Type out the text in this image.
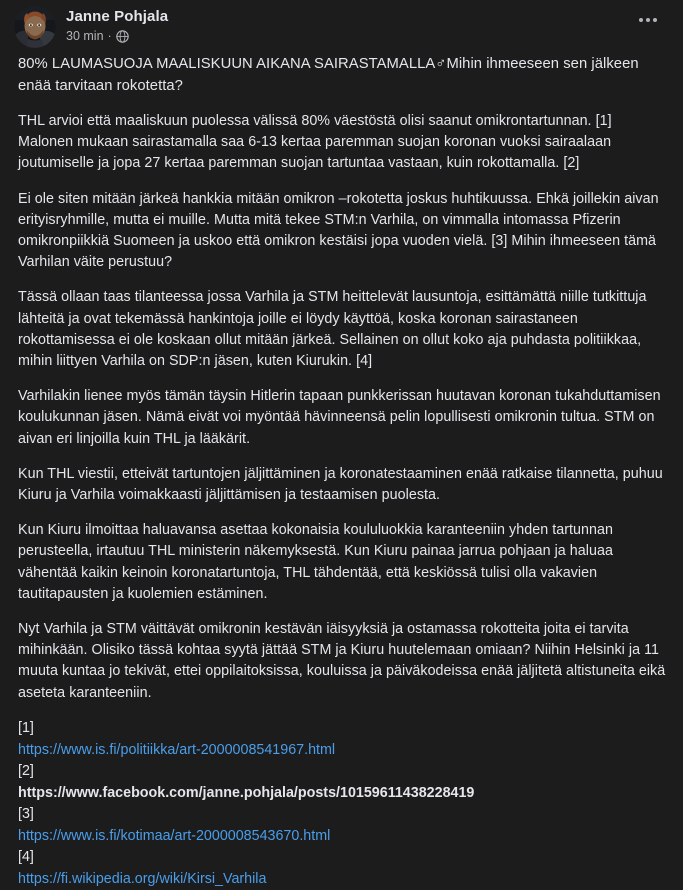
Janne Pohjala
30 min ·
80% LAUMASUOJA MAALISKUUN AIKANA SAIRASTAMALLA♂Mihin ihmeeseen sen jälkeen enää tarvitaan rokotetta?

THL arvioi että maaliskuun puolessa välissä 80% väestöstä olisi saanut omikrontartunnan. [1] Malonen mukaan sairastamalla saa 6-13 kertaa paremman suojan koronan vuoksi sairaalaan joutumiselle ja jopa 27 kertaa paremman suojan tartuntaa vastaan, kuin rokottamalla. [2]

Ei ole siten mitään järkeä hankkia mitään omikron –rokotetta joskus huhtikuussa. Ehkä joillekin aivan erityisryhmille, mutta ei muille. Mutta mitä tekee STM:n Varhila, on vimmalla intomassa Pfizerin omikronpiikkiä Suomeen ja uskoo että omikron kestäisi jopa vuoden vielä. [3] Mihin ihmeeseen tämä Varhilan väite perustuu?

Tässä ollaan taas tilanteessa jossa Varhila ja STM heittelevät lausuntoja, esittämättä niille tutkittuja lähteitä ja ovat tekemässä hankintoja joille ei löydy käyttöä, koska koronan sairastaneen rokottamisessa ei ole koskaan ollut mitään järkeä. Sellainen on ollut koko aja puhdasta politiikkaa, mihin liittyen Varhila on SDP:n jäsen, kuten Kiurukin. [4]

Varhilakin lienee myös tämän täysin Hitlerin tapaan punkkerissan huutavan koronan tukahduttamisen koulukunnan jäsen. Nämä eivät voi myöntää hävinneensä pelin lopullisesti omikronin tultua. STM on aivan eri linjoilla kuin THL ja lääkärit.

Kun THL viestii, etteivät tartuntojen jäljittäminen ja koronatestaaminen enää ratkaise tilannetta, puhuu Kiuru ja Varhila voimakkaasti jäljittämisen ja testaamisen puolesta.

Kun Kiuru ilmoittaa haluavansa asettaa kokonaisia koululuokkia karanteeniin yhden tartunnan perusteella, irtautuu THL ministerin näkemyksestä. Kun Kiuru painaa jarrua pohjaan ja haluaa vähentää kaikin keinoin koronatartuntoja, THL tähdentää, että keskiössä tulisi olla vakavien tautitapausten ja kuolemien estäminen.

Nyt Varhila ja STM väittävät omikronin kestävän iäisyyksiä ja ostamassa rokotteita joita ei tarvita mihinkään. Olisiko tässä kohtaa syytä jättää STM ja Kiuru huutelemaan omiaan? Niihin Helsinki ja 11 muuta kuntaa jo tekivät, ettei oppilaitoksissa, kouluissa ja päiväkodeissa enää jäljitetä altistuneita eikä aseteta karanteeniin.

[1]
https://www.is.fi/politiikka/art-2000008541967.html
[2]
https://www.facebook.com/janne.pohjala/posts/10159611438228419
[3]
https://www.is.fi/kotimaa/art-2000008543670.html
[4]
https://fi.wikipedia.org/wiki/Kirsi_Varhila
